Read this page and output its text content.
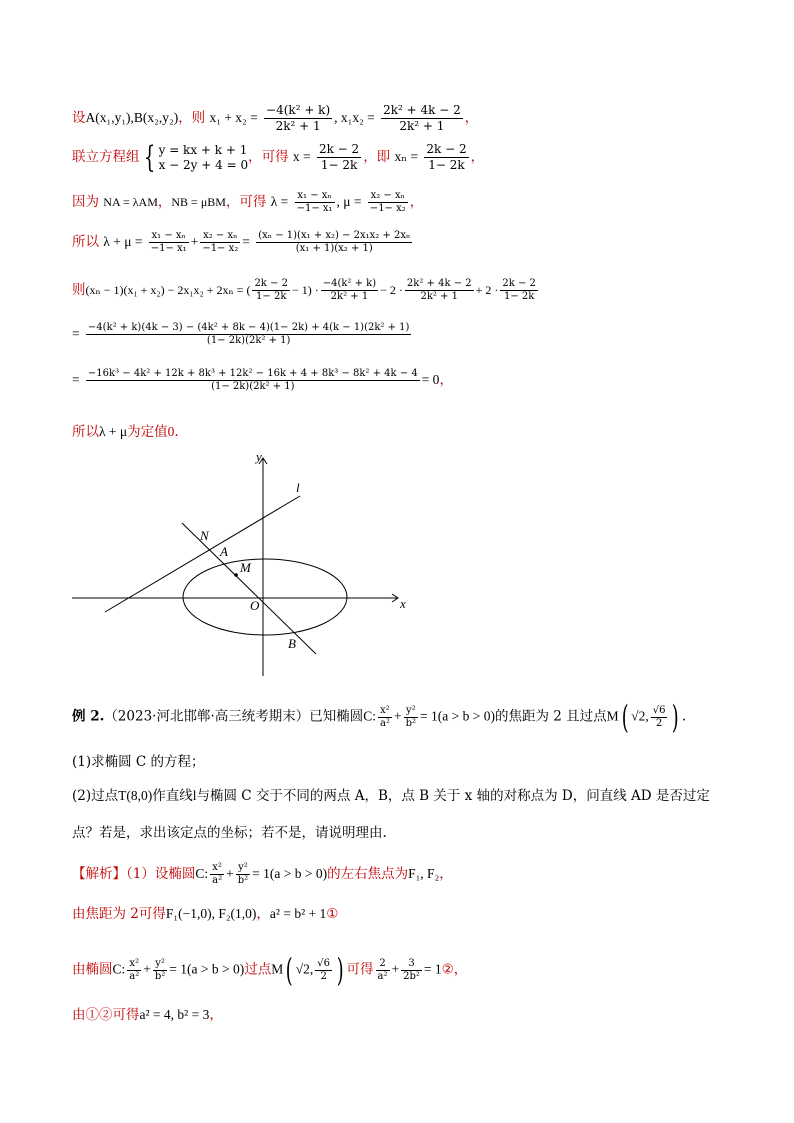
设A(x₁,y₁),B(x₂,y₂)，则 $x_1 + x_2 = \frac{\text{−4(k² + k)}}{\text{2k² + 1}}$ , $x_1x_2 = \frac{\text{2k² + 4k − 2}}{\text{2k² + 1}}$ ，
联立方程组 { y = kx + k + 1
x − 2y + 4 = 0 ，可得 $x = \frac{2k - 2}{1- 2k}$ ，即 $x_n = \frac{2k - 2}{1- 2k}$ ，
因为 NA = λAM，NB = μBM，可得 $\lambda = \frac{\text{x₁ − xₙ}}{\text{−1− x₁}}$ , $\mu = \frac{\text{x₂ − xₙ}}{\text{−1− x₂}}$ ，
所以 $\lambda + \mu = \frac{\text{x₁ − xₙ}}{\text{−1− x₁}} + \frac{\text{x₂ − xₙ}}{\text{−1− x₂}} = \frac{\text{(xₙ − 1)(x₁ + x₂) − 2x₁x₂ + 2xₙ}}{\text{(x₁ + 1)(x₂ + 1)}}$
则(xₙ − 1)(x₁ + x₂) − 2x₁x₂ + 2xₙ = ( $\frac{2k - 2}{1- 2k} - 1) \cdot \frac{\text{−4(k² + k)}}{\text{2k² + 1}} - 2 \cdot \frac{\text{2k² + 4k − 2}}{\text{2k² + 1}} + 2 \cdot \frac{2k - 2}{1- 2k}$
= −4(k² + k)(4k − 3) − (4k² + 8k − 4)(1− 2k) + 4(k − 1)(2k² + 1)
(1− 2k)(2k² + 1)
= −16k³ − 4k² + 12k + 8k³ + 12k² − 16k + 4 + 8k³ − 8k² + 4k − 4
(1− 2k)(2k² + 1)	= 0，
所以λ + μ为定值0.
y
x
l
N
A
M
O
B
例 2.（2023·河北邯郸·高三统考期末）已知椭圆C: $\frac{\text{x²}}{\text{a²}} + \frac{\text{y²}}{\text{b²}} = 1(a > b > 0)$的焦距为 2 且过点M( √2, $\frac{√6}{2}$ ) .
(1)求椭圆 C 的方程；
(2)过点T(8,0)作直线l与椭圆 C 交于不同的两点 A，B，点 B 关于 x 轴的对称点为 D，问直线 AD 是否过定
点？若是，求出该定点的坐标；若不是，请说明理由.
【解析】（1）设椭圆C: $\frac{\text{x²}}{\text{a²}} + \frac{\text{y²}}{\text{b²}} = 1(a > b > 0)$的左右焦点为F₁, F₂，
由焦距为 2可得F₁(−1,0), F₂(1,0)，a² = b² + 1①
由椭圆C: $\frac{\text{x²}}{\text{a²}} + \frac{\text{y²}}{\text{b²}} = 1(a > b > 0)$过点M( √2, $\frac{√6}{2}$ ) 可得 $\frac{2}{\text{a²}} + \frac{3}{\text{2b²}}$ = 1②，
由①②可得a² = 4, b² = 3，
